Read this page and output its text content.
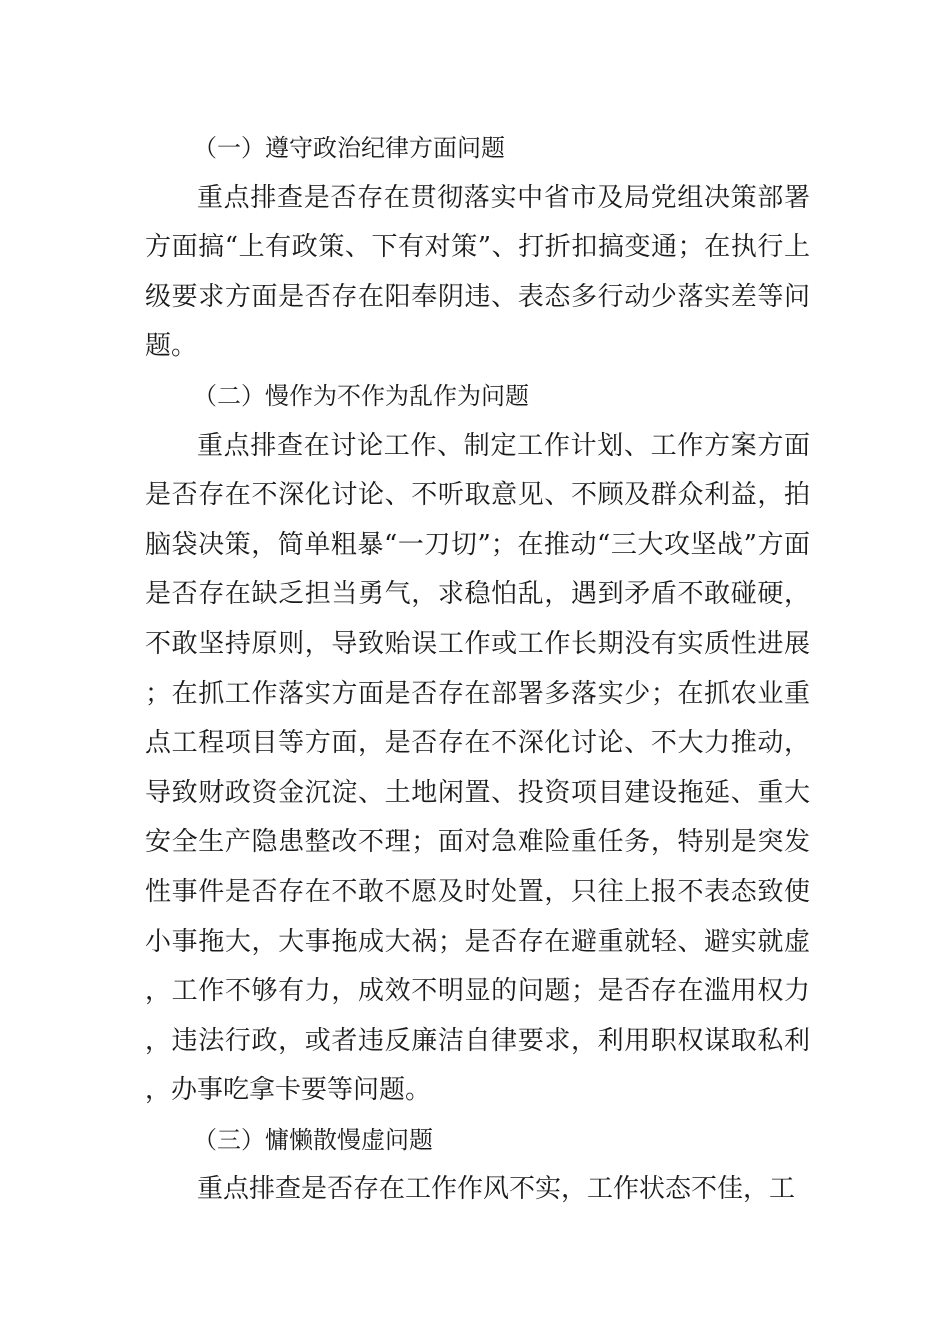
（一）遵守政治纪律方面问题

重点排查是否存在贯彻落实中省市及局党组决策部署方面搞“上有政策、下有对策”、打折扣搞变通；在执行上级要求方面是否存在阳奉阴违、表态多行动少落实差等问题。

（二）慢作为不作为乱作为问题

重点排查在讨论工作、制定工作计划、工作方案方面是否存在不深化讨论、不听取意见、不顾及群众利益，拍脑袋决策，简单粗暴“一刀切”；在推动“三大攻坚战”方面是否存在缺乏担当勇气，求稳怕乱，遇到矛盾不敢碰硬，不敢坚持原则，导致贻误工作或工作长期没有实质性进展；在抓工作落实方面是否存在部署多落实少；在抓农业重点工程项目等方面，是否存在不深化讨论、不大力推动，导致财政资金沉淀、土地闲置、投资项目建设拖延、重大安全生产隐患整改不理；面对急难险重任务，特别是突发性事件是否存在不敢不愿及时处置，只往上报不表态致使小事拖大，大事拖成大祸；是否存在避重就轻、避实就虚，工作不够有力，成效不明显的问题；是否存在滥用权力，违法行政，或者违反廉洁自律要求，利用职权谋取私利，办事吃拿卡要等问题。

（三）慵懒散慢虚问题

重点排查是否存在工作作风不实，工作状态不佳，工
